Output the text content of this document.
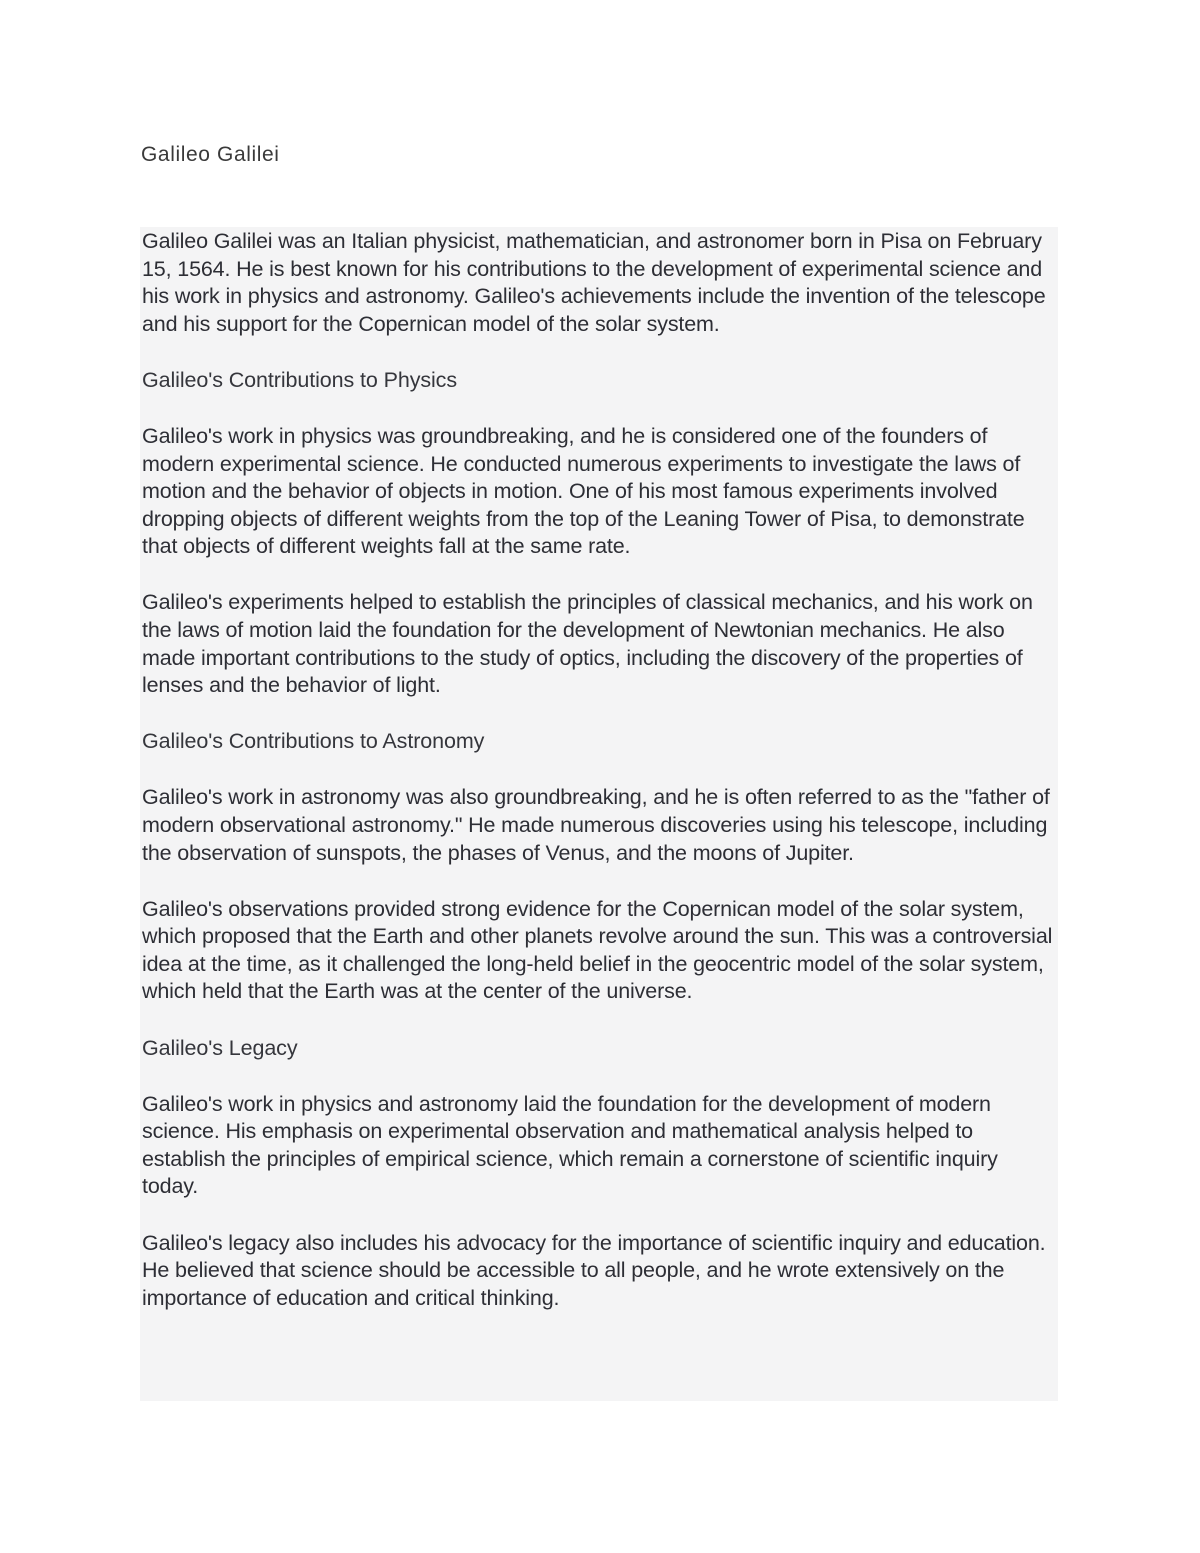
Galileo Galilei

Galileo Galilei was an Italian physicist, mathematician, and astronomer born in Pisa on February 15, 1564. He is best known for his contributions to the development of experimental science and his work in physics and astronomy. Galileo's achievements include the invention of the telescope and his support for the Copernican model of the solar system.

Galileo's Contributions to Physics

Galileo's work in physics was groundbreaking, and he is considered one of the founders of modern experimental science. He conducted numerous experiments to investigate the laws of motion and the behavior of objects in motion. One of his most famous experiments involved dropping objects of different weights from the top of the Leaning Tower of Pisa, to demonstrate that objects of different weights fall at the same rate.

Galileo's experiments helped to establish the principles of classical mechanics, and his work on the laws of motion laid the foundation for the development of Newtonian mechanics. He also made important contributions to the study of optics, including the discovery of the properties of lenses and the behavior of light.

Galileo's Contributions to Astronomy

Galileo's work in astronomy was also groundbreaking, and he is often referred to as the "father of modern observational astronomy." He made numerous discoveries using his telescope, including the observation of sunspots, the phases of Venus, and the moons of Jupiter.

Galileo's observations provided strong evidence for the Copernican model of the solar system, which proposed that the Earth and other planets revolve around the sun. This was a controversial idea at the time, as it challenged the long-held belief in the geocentric model of the solar system, which held that the Earth was at the center of the universe.

Galileo's Legacy

Galileo's work in physics and astronomy laid the foundation for the development of modern science. His emphasis on experimental observation and mathematical analysis helped to establish the principles of empirical science, which remain a cornerstone of scientific inquiry today.

Galileo's legacy also includes his advocacy for the importance of scientific inquiry and education. He believed that science should be accessible to all people, and he wrote extensively on the importance of education and critical thinking.
